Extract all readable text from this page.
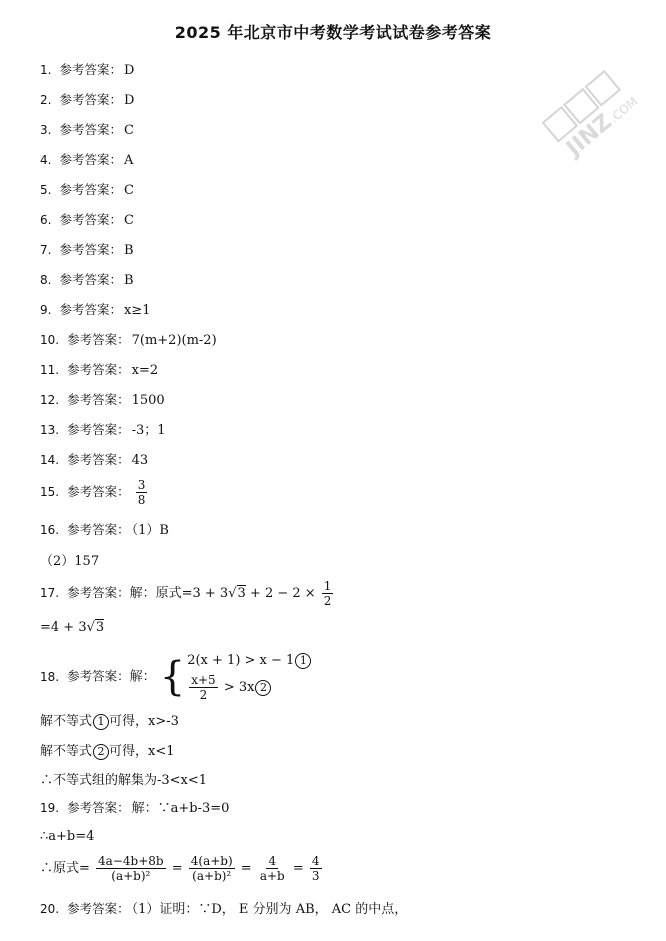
2025 年北京市中考数学考试试卷参考答案
JINZ
.COM
1. 参考答案： D
2. 参考答案： D
3. 参考答案： C
4. 参考答案： A
5. 参考答案： C
6. 参考答案： C
7. 参考答案： B
8. 参考答案： B
9. 参考答案： x≥1
10. 参考答案： 7(m+2)(m-2)
11. 参考答案： x=2
12. 参考答案： 1500
13. 参考答案： -3；1
14. 参考答案： 43
15. 参考答案： $\frac{3}{8}$
16. 参考答案： （1）B
（2）157
17. 参考答案：解：原式$=3 + 3√3 + 2 - 2 \times \frac{1}{2}$
=4 + 3√3
18. 参考答案：解： { 2(x + 1) > x − 1 1
$\frac{x+5}{2} > 3x$ 2
解不等式 1 可得，x>-3
解不等式 2 可得，x<1
∴不等式组的解集为-3<x<1
19. 参考答案： 解：∵a+b-3=0
∴a+b=4
∴原式= $\frac{4a-4b+8b}{\text{(a+b)²}} = \frac{4(a+b)}{\text{(a+b)²}} = \frac{4}{a+b} = \frac{4}{3}$
20. 参考答案： （1）证明：∵D， E 分别为 AB， AC 的中点，
